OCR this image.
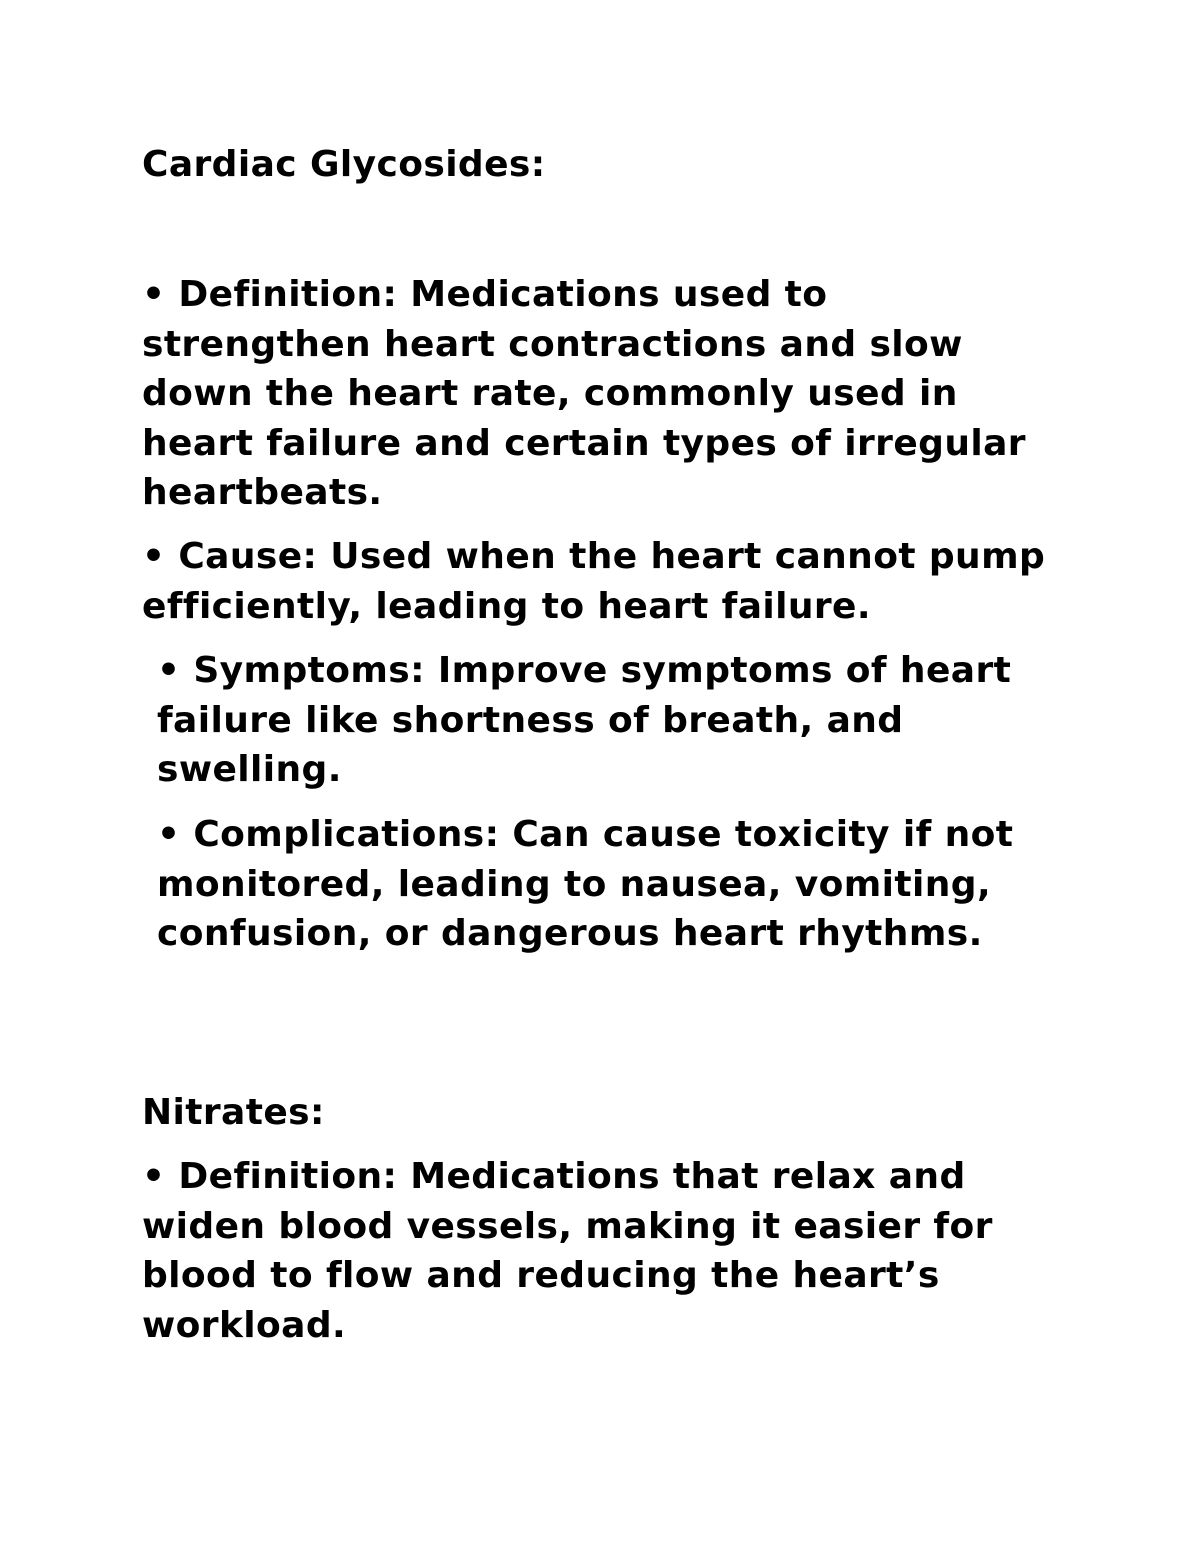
Cardiac Glycosides:
• Definition: Medications used to strengthen heart contractions and slow down the heart rate, commonly used in heart failure and certain types of irregular heartbeats.
• Cause: Used when the heart cannot pump efficiently, leading to heart failure.
• Symptoms: Improve symptoms of heart failure like shortness of breath, and swelling.
• Complications: Can cause toxicity if not monitored, leading to nausea, vomiting, confusion, or dangerous heart rhythms.
Nitrates:
• Definition: Medications that relax and widen blood vessels, making it easier for blood to flow and reducing the heart’s workload.
